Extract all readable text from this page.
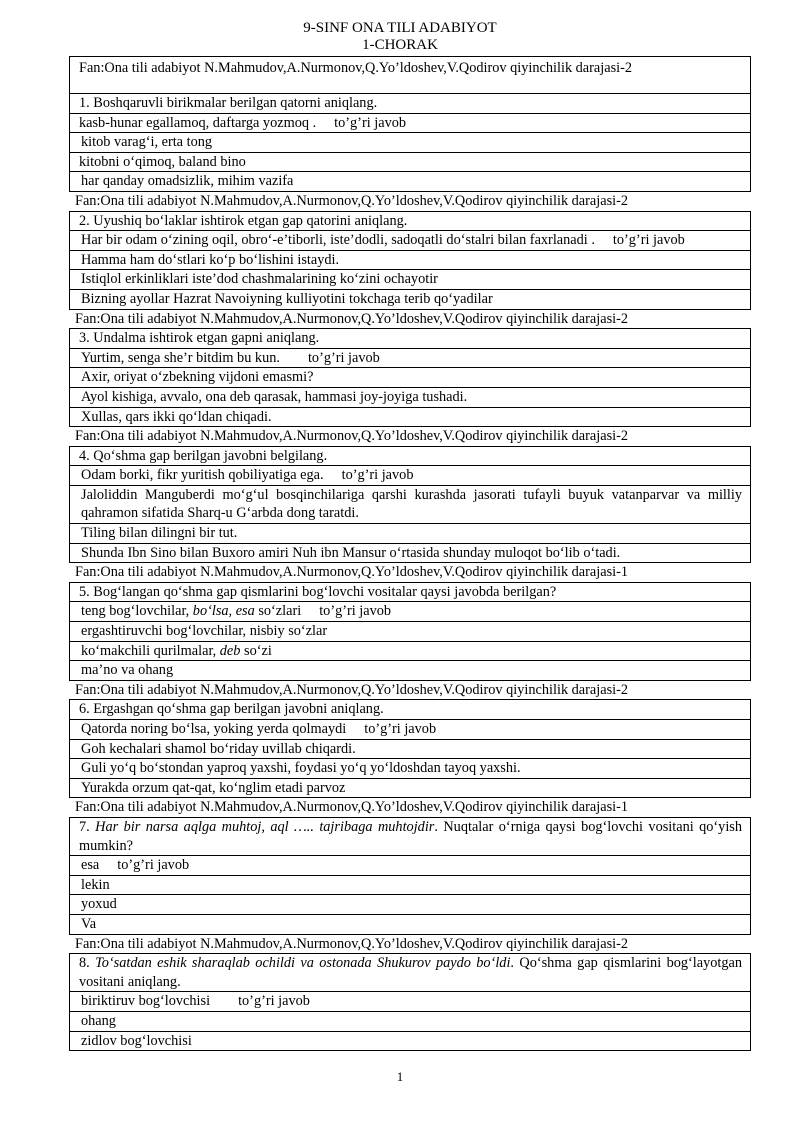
9-SINF ONA TILI ADABIYOT
1-CHORAK
Fan:Ona tili adabiyot N.Mahmudov,A.Nurmonov,Q.Yo’ldoshev,V.Qodirov qiyinchilik darajasi-2
1. Boshqaruvli birikmalar berilgan qatorni aniqlang.
kasb-hunar egallamoq, daftarga yozmoq . to’g’ri javob
kitob varag‘i, erta tong
kitobni o‘qimoq, baland bino
har qanday omadsizlik, mihim vazifa
Fan:Ona tili adabiyot N.Mahmudov,A.Nurmonov,Q.Yo’ldoshev,V.Qodirov qiyinchilik darajasi-2
2. Uyushiq bo‘laklar ishtirok etgan gap qatorini aniqlang.
Har bir odam o‘zining oqil, obro‘-e’tiborli, iste’dodli, sadoqatli do‘stalri bilan faxrlanadi . to’g’ri javob
Hamma ham do‘stlari ko‘p bo‘lishini istaydi.
Istiqlol erkinliklari iste’dod chashmalarining ko‘zini ochayotir
Bizning ayollar Hazrat Navoiyning kulliyotini tokchaga terib qo‘yadilar
Fan:Ona tili adabiyot N.Mahmudov,A.Nurmonov,Q.Yo’ldoshev,V.Qodirov qiyinchilik darajasi-2
3. Undalma ishtirok etgan gapni aniqlang.
Yurtim, senga she’r bitdim bu kun. to’g’ri javob
Axir, oriyat o‘zbekning vijdoni emasmi?
Ayol kishiga, avvalo, ona deb qarasak, hammasi joy-joyiga tushadi.
Xullas, qars ikki qo‘ldan chiqadi.
Fan:Ona tili adabiyot N.Mahmudov,A.Nurmonov,Q.Yo’ldoshev,V.Qodirov qiyinchilik darajasi-2
4. Qo‘shma gap berilgan javobni belgilang.
Odam borki, fikr yuritish qobiliyatiga ega. to’g’ri javob
Jaloliddin Manguberdi mo‘g‘ul bosqinchilariga qarshi kurashda jasorati tufayli buyuk vatanparvar va milliy qahramon sifatida Sharq-u G‘arbda dong taratdi.
Tiling bilan dilingni bir tut.
Shunda Ibn Sino bilan Buxoro amiri Nuh ibn Mansur o‘rtasida shunday muloqot bo‘lib o‘tadi.
Fan:Ona tili adabiyot N.Mahmudov,A.Nurmonov,Q.Yo’ldoshev,V.Qodirov qiyinchilik darajasi-1
5. Bog‘langan qo‘shma gap qismlarini bog‘lovchi vositalar qaysi javobda berilgan?
teng bog‘lovchilar, bo‘lsa, esa so‘zlari to’g’ri javob
ergashtiruvchi bog‘lovchilar, nisbiy so‘zlar
ko‘makchili qurilmalar, deb so‘zi
ma’no va ohang
Fan:Ona tili adabiyot N.Mahmudov,A.Nurmonov,Q.Yo’ldoshev,V.Qodirov qiyinchilik darajasi-2
6. Ergashgan qo‘shma gap berilgan javobni aniqlang.
Qatorda noring bo‘lsa, yoking yerda qolmaydi to’g’ri javob
Goh kechalari shamol bo‘riday uvillab chiqardi.
Guli yo‘q bo‘stondan yaproq yaxshi, foydasi yo‘q yo‘ldoshdan tayoq yaxshi.
Yurakda orzum qat-qat, ko‘nglim etadi parvoz
Fan:Ona tili adabiyot N.Mahmudov,A.Nurmonov,Q.Yo’ldoshev,V.Qodirov qiyinchilik darajasi-1
7. Har bir narsa aqlga muhtoj, aql ….. tajribaga muhtojdir. Nuqtalar o‘rniga qaysi bog‘lovchi vositani qo‘yish mumkin?
esa to’g’ri javob
lekin
yoxud
Va
Fan:Ona tili adabiyot N.Mahmudov,A.Nurmonov,Q.Yo’ldoshev,V.Qodirov qiyinchilik darajasi-2
8. To‘satdan eshik sharaqlab ochildi va ostonada Shukurov paydo bo‘ldi. Qo‘shma gap qismlarini bog‘layotgan vositani aniqlang.
biriktiruv bog‘lovchisi to’g’ri javob
ohang
zidlov bog‘lovchisi
1
